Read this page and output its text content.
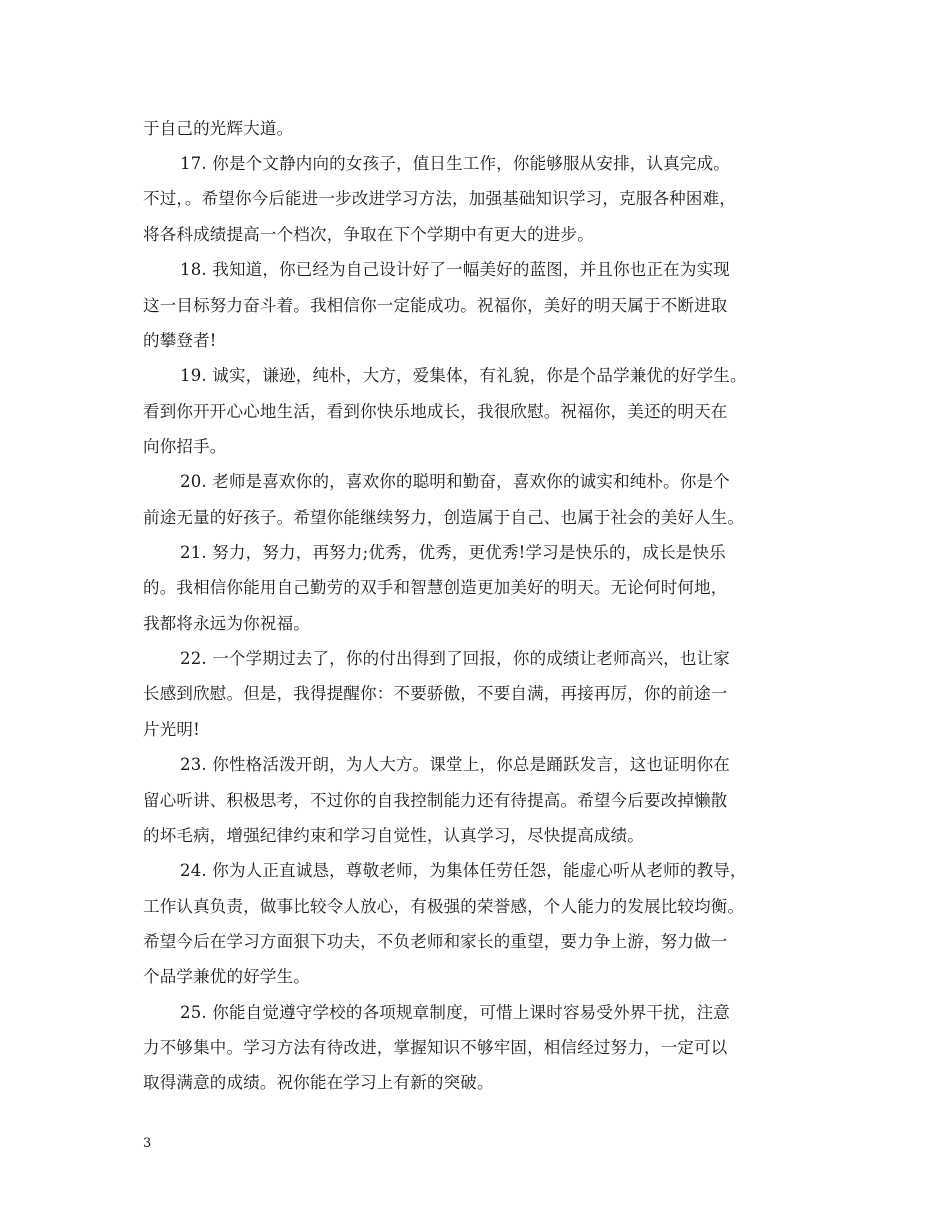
于自己的光辉大道。
17. 你是个文静内向的女孩子，值日生工作，你能够服从安排，认真完成。
不过，。希望你今后能进一步改进学习方法，加强基础知识学习，克服各种困难，
将各科成绩提高一个档次，争取在下个学期中有更大的进步。
18. 我知道，你已经为自己设计好了一幅美好的蓝图，并且你也正在为实现
这一目标努力奋斗着。我相信你一定能成功。祝福你，美好的明天属于不断进取
的攀登者!
19. 诚实，谦逊，纯朴，大方，爱集体，有礼貌，你是个品学兼优的好学生。
看到你开开心心地生活，看到你快乐地成长，我很欣慰。祝福你，美还的明天在
向你招手。
20. 老师是喜欢你的，喜欢你的聪明和勤奋，喜欢你的诚实和纯朴。你是个
前途无量的好孩子。希望你能继续努力，创造属于自己、也属于社会的美好人生。
21. 努力，努力，再努力;优秀，优秀，更优秀!学习是快乐的，成长是快乐
的。我相信你能用自己勤劳的双手和智慧创造更加美好的明天。无论何时何地，
我都将永远为你祝福。
22. 一个学期过去了，你的付出得到了回报，你的成绩让老师高兴，也让家
长感到欣慰。但是，我得提醒你：不要骄傲，不要自满，再接再厉，你的前途一
片光明!
23. 你性格活泼开朗，为人大方。课堂上，你总是踊跃发言，这也证明你在
留心听讲、积极思考，不过你的自我控制能力还有待提高。希望今后要改掉懒散
的坏毛病，增强纪律约束和学习自觉性，认真学习，尽快提高成绩。
24. 你为人正直诚恳，尊敬老师，为集体任劳任怨，能虚心听从老师的教导，
工作认真负责，做事比较令人放心，有极强的荣誉感，个人能力的发展比较均衡。
希望今后在学习方面狠下功夫，不负老师和家长的重望，要力争上游，努力做一
个品学兼优的好学生。
25. 你能自觉遵守学校的各项规章制度，可惜上课时容易受外界干扰，注意
力不够集中。学习方法有待改进，掌握知识不够牢固，相信经过努力，一定可以
取得满意的成绩。祝你能在学习上有新的突破。
3
